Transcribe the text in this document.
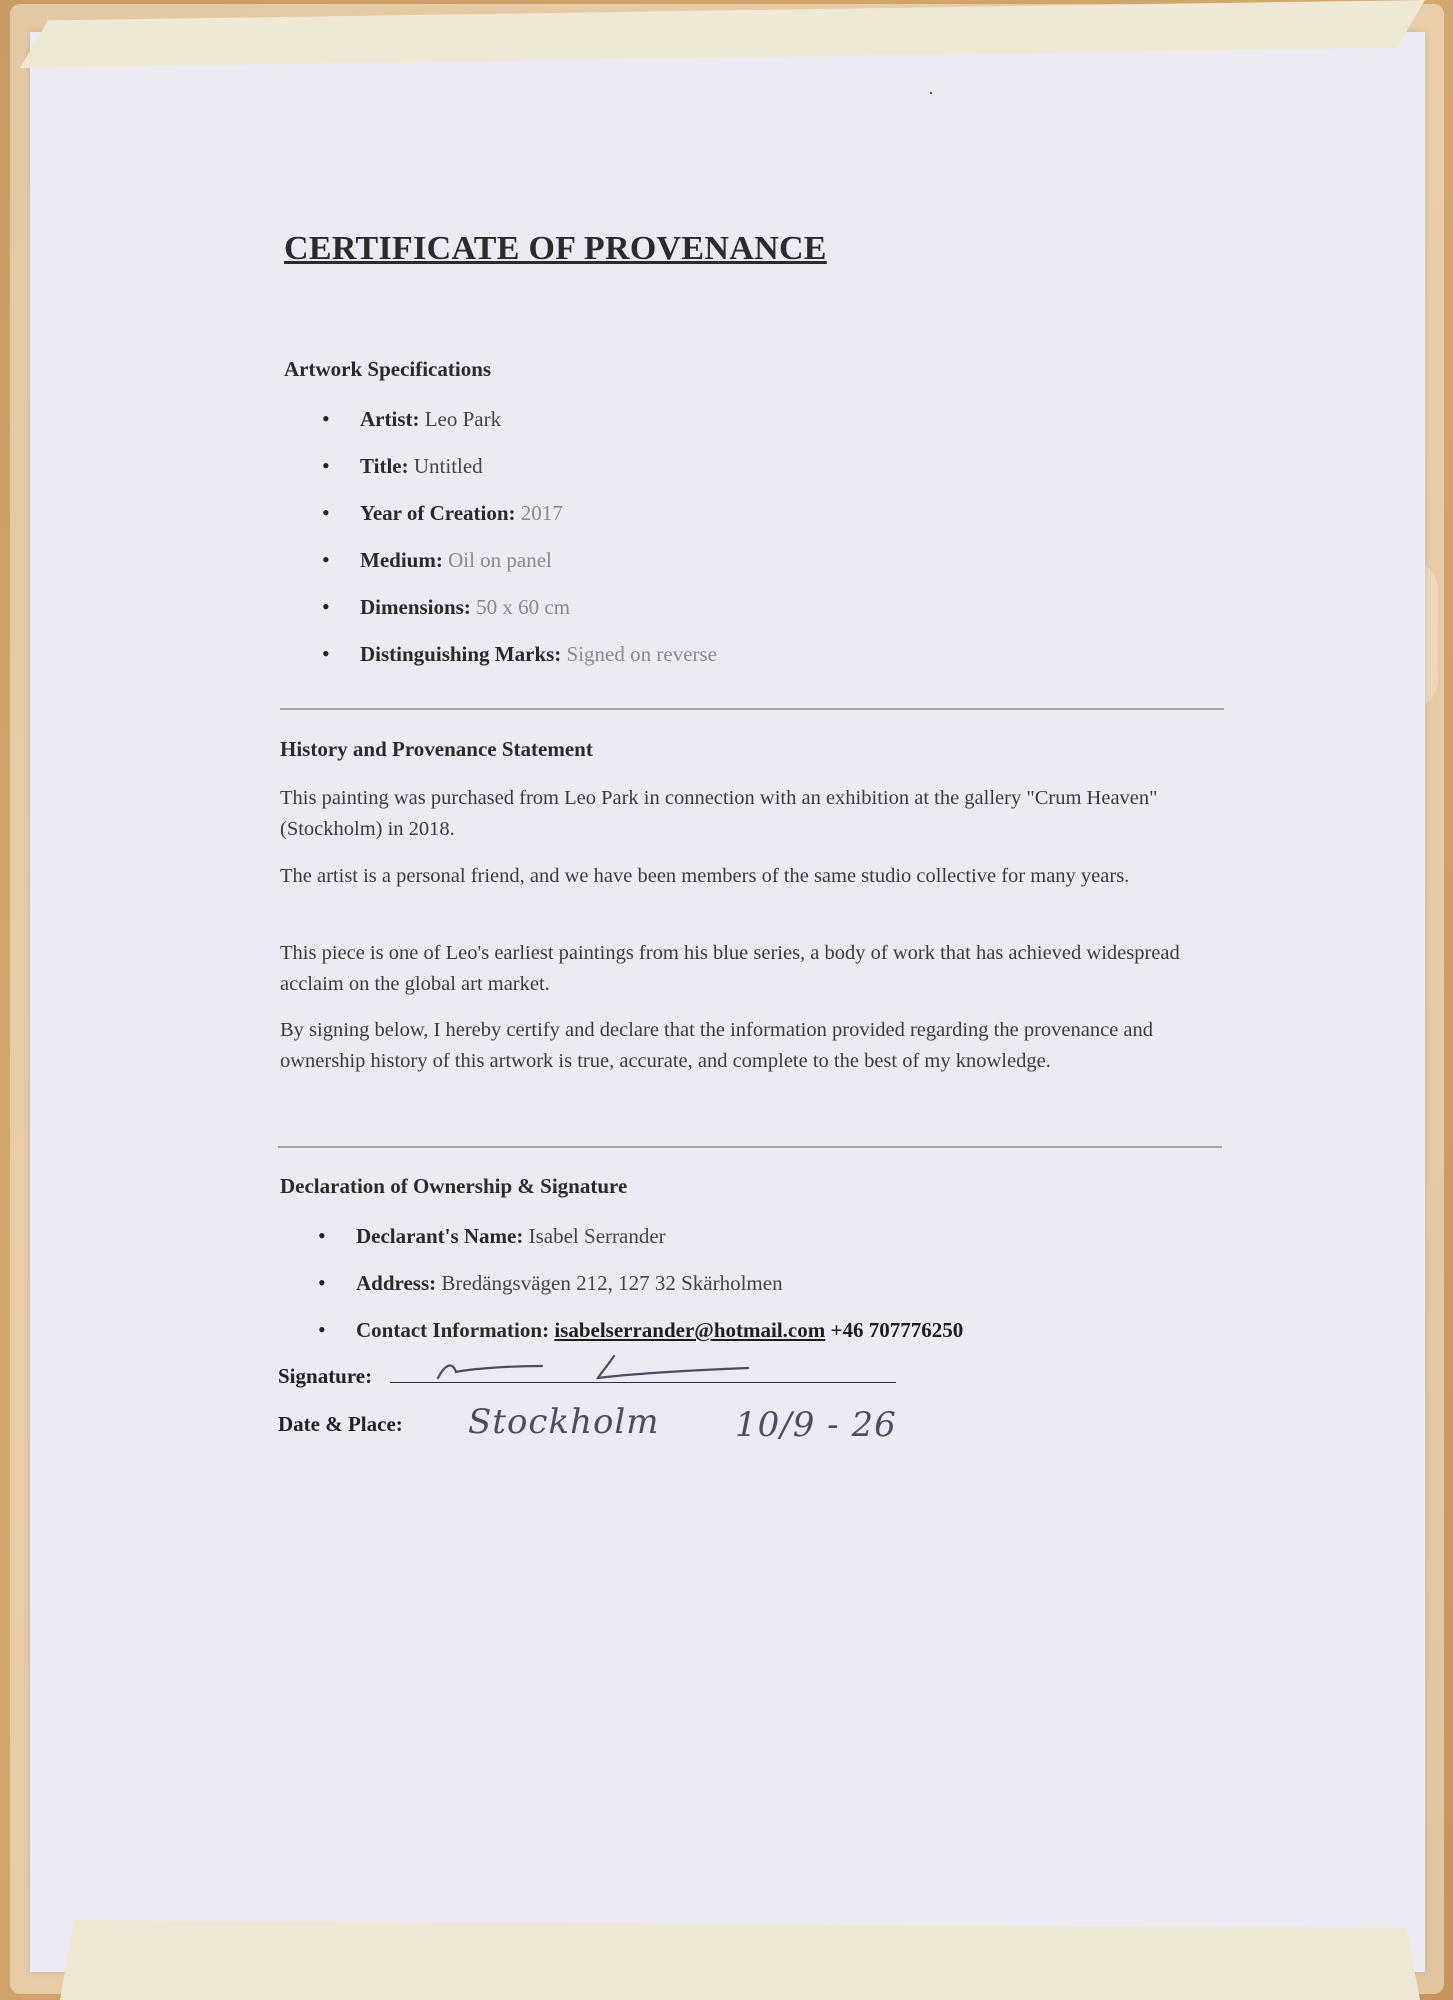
CERTIFICATE OF PROVENANCE
Artwork Specifications
• Artist: Leo Park
• Title: Untitled
• Year of Creation: 2017
• Medium: Oil on panel
• Dimensions: 50 x 60 cm
• Distinguishing Marks: Signed on reverse
History and Provenance Statement

This painting was purchased from Leo Park in connection with an exhibition at the gallery "Crum Heaven" (Stockholm) in 2018.

The artist is a personal friend, and we have been members of the same studio collective for many years.

This piece is one of Leo's earliest paintings from his blue series, a body of work that has achieved widespread acclaim on the global art market.

By signing below, I hereby certify and declare that the information provided regarding the provenance and ownership history of this artwork is true, accurate, and complete to the best of my knowledge.

Declaration of Ownership & Signature
• Declarant's Name: Isabel Serrander
• Address: Bredängsvägen 212, 127 32 Skärholmen
• Contact Information: isabelserrander@hotmail.com +46 707776250
Signature:
Date & Place: Stockholm 10/9 - 26
